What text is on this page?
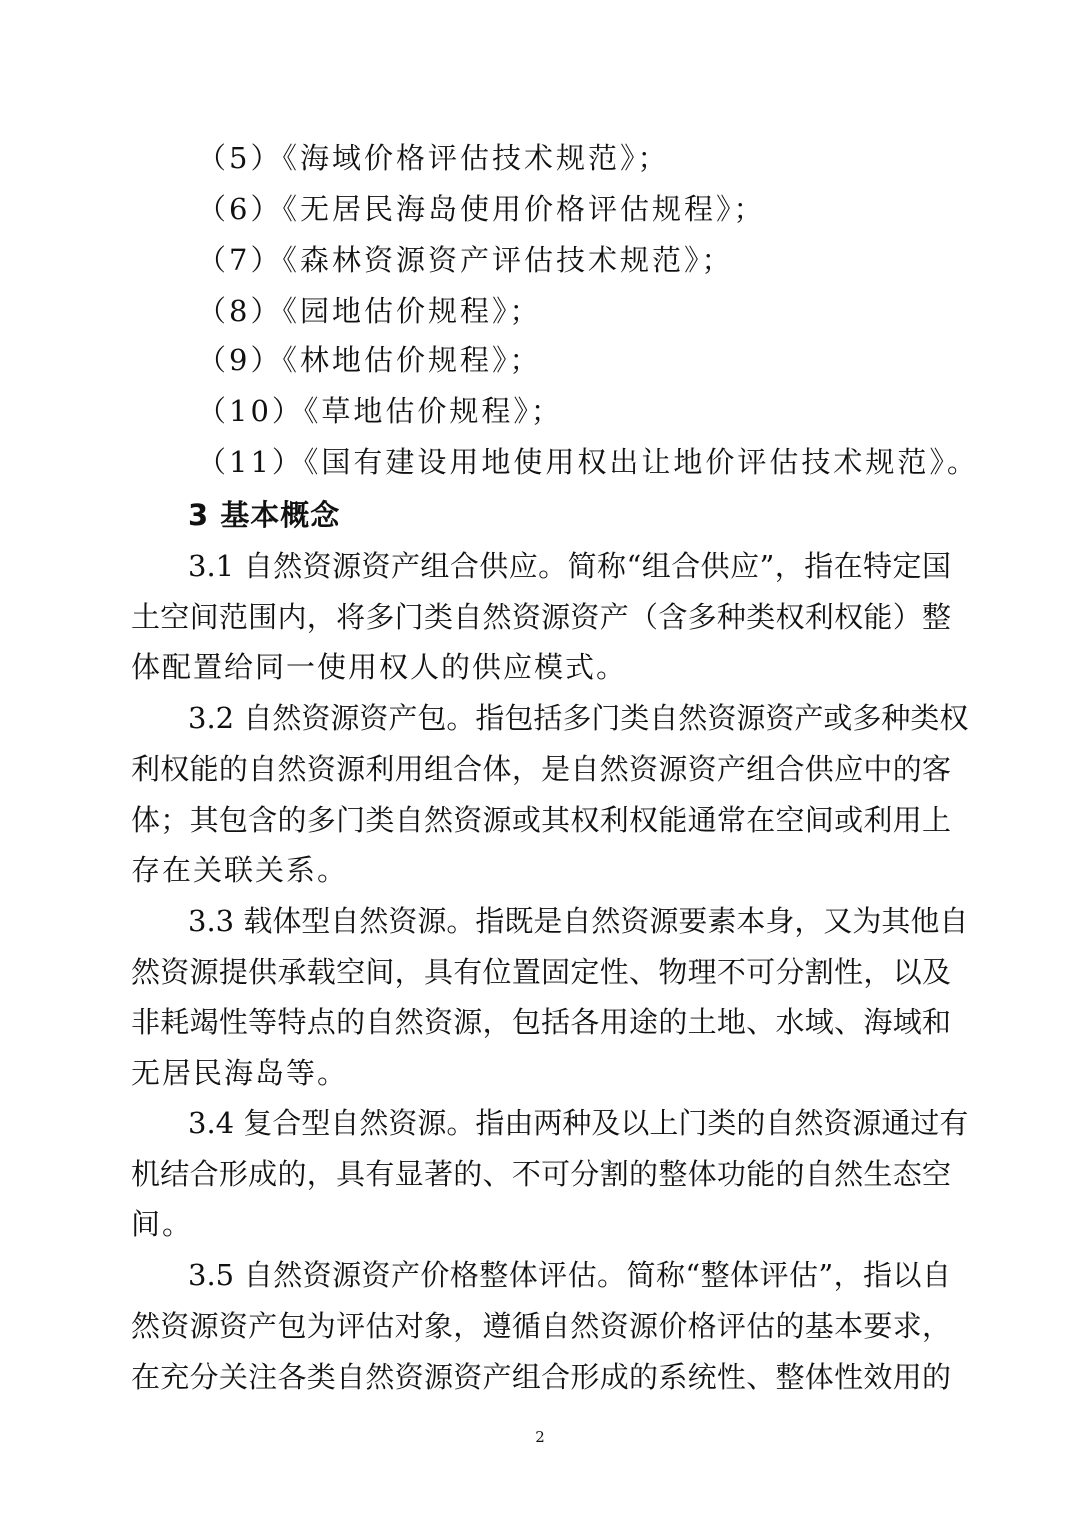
（5）《海域价格评估技术规范》；
（6）《无居民海岛使用价格评估规程》；
（7）《森林资源资产评估技术规范》；
（8）《园地估价规程》；
（9）《林地估价规程》；
（10）《草地估价规程》；
（11）《国有建设用地使用权出让地价评估技术规范》。
3 基本概念
3.1 自然资源资产组合供应。简称“组合供应”，指在特定国
土空间范围内，将多门类自然资源资产（含多种类权利权能）整
体配置给同一使用权人的供应模式。
3.2 自然资源资产包。指包括多门类自然资源资产或多种类权
利权能的自然资源利用组合体，是自然资源资产组合供应中的客
体；其包含的多门类自然资源或其权利权能通常在空间或利用上
存在关联关系。
3.3 载体型自然资源。指既是自然资源要素本身，又为其他自
然资源提供承载空间，具有位置固定性、物理不可分割性，以及
非耗竭性等特点的自然资源，包括各用途的土地、水域、海域和
无居民海岛等。
3.4 复合型自然资源。指由两种及以上门类的自然资源通过有
机结合形成的，具有显著的、不可分割的整体功能的自然生态空
间。
3.5 自然资源资产价格整体评估。简称“整体评估”，指以自
然资源资产包为评估对象，遵循自然资源价格评估的基本要求，
在充分关注各类自然资源资产组合形成的系统性、整体性效用的
2
